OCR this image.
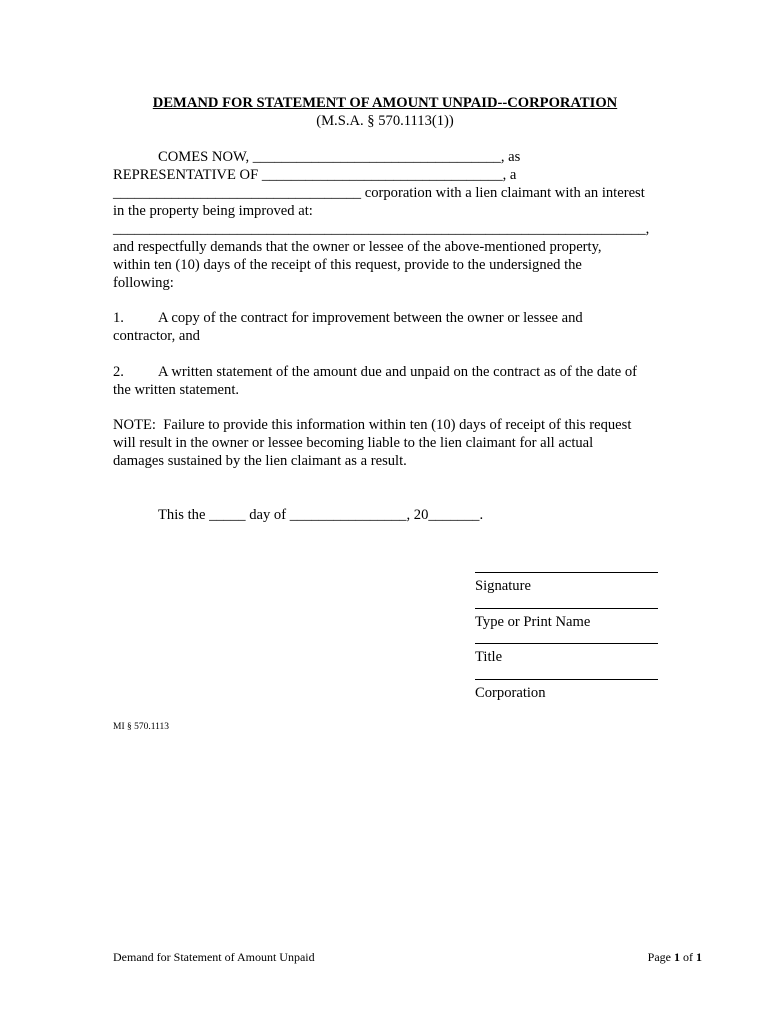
DEMAND FOR STATEMENT OF AMOUNT UNPAID--CORPORATION
(M.S.A. § 570.1113(1))
COMES NOW, __________________________________, as
REPRESENTATIVE OF _________________________________, a
__________________________________ corporation with a lien claimant with an interest
in the property being improved at:
_________________________________________________________________________,
and respectfully demands that the owner or lessee of the above-mentioned property,
within ten (10) days of the receipt of this request, provide to the undersigned the
following:
1. A copy of the contract for improvement between the owner or lessee and
contractor, and
2. A written statement of the amount due and unpaid on the contract as of the date of
the written statement.
NOTE:  Failure to provide this information within ten (10) days of receipt of this request
will result in the owner or lessee becoming liable to the lien claimant for all actual
damages sustained by the lien claimant as a result.
This the _____ day of ________________, 20_______.
Signature
Type or Print Name
Title
Corporation
MI § 570.1113
Demand for Statement of Amount Unpaid	Page 1 of 1
